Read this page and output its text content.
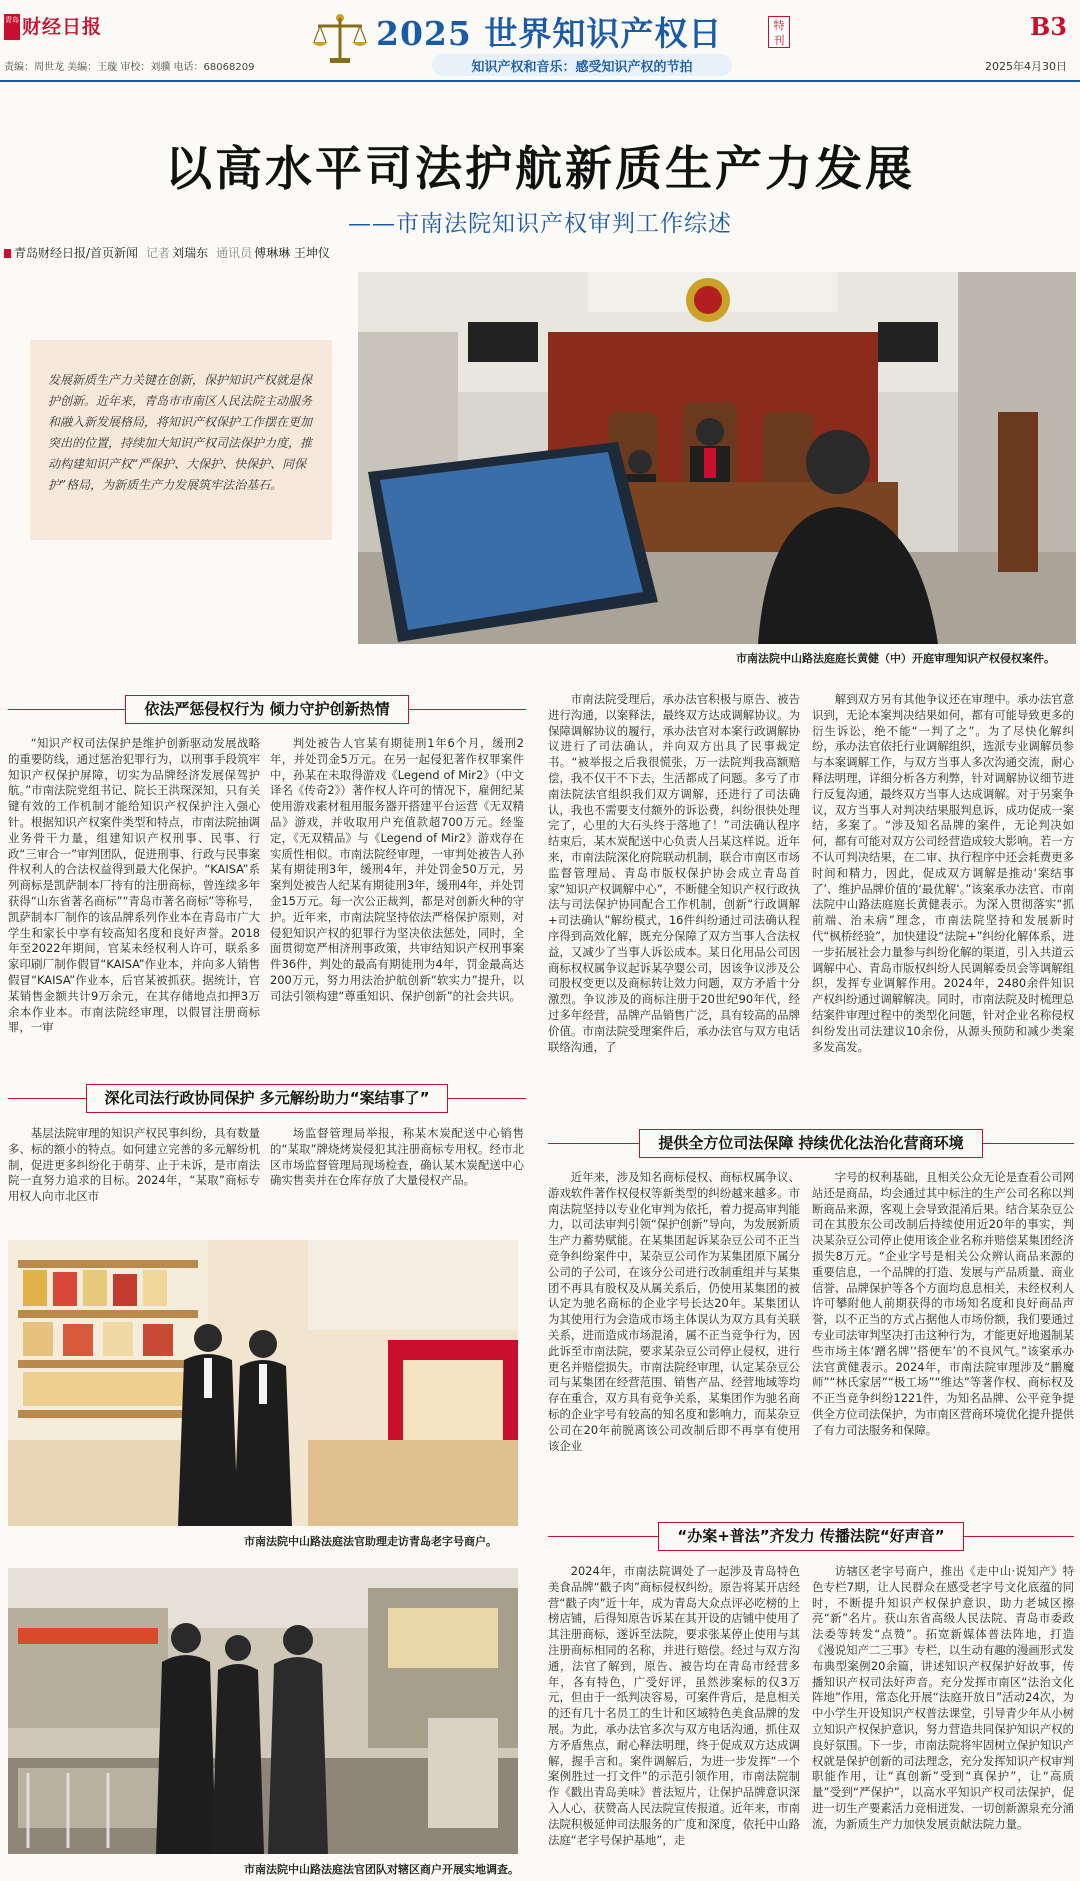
青岛 财经日报
责编：周世龙 美编：王璇 审校：刘骥 电话：68068209
2025 世界知识产权日	特刊
知识产权和音乐：感受知识产权的节拍
B3
2025年4月30日
以高水平司法护航新质生产力发展
——市南法院知识产权审判工作综述
青岛财经日报/首页新闻 记者 刘瑞东 通讯员 傅琳琳 王坤仪
发展新质生产力关键在创新，保护知识产权就是保护创新。近年来，青岛市市南区人民法院主动服务和融入新发展格局，将知识产权保护工作摆在更加突出的位置，持续加大知识产权司法保护力度，推动构建知识产权“严保护、大保护、快保护、同保护”格局，为新质生产力发展筑牢法治基石。
市南法院中山路法庭庭长黄健（中）开庭审理知识产权侵权案件。
依法严惩侵权行为 倾力守护创新热情

“知识产权司法保护是维护创新驱动发展战略的重要防线，通过惩治犯罪行为，以刑事手段筑牢知识产权保护屏障，切实为品牌经济发展保驾护航。”市南法院党组书记、院长王洪琛深知，只有关键有效的工作机制才能给知识产权保护注入强心针。根据知识产权案件类型和特点，市南法院抽调业务骨干力量，组建知识产权刑事、民事、行政“三审合一”审判团队，促进刑事、行政与民事案件权利人的合法权益得到最大化保护。“KAISA”系列商标是凯萨制本厂持有的注册商标，曾连续多年获得“山东省著名商标”“青岛市著名商标”等称号，凯萨制本厂制作的该品牌系列作业本在青岛市广大学生和家长中享有较高知名度和良好声誉。2018年至2022年期间，官某未经权利人许可，联系多家印刷厂制作假冒“KAISA”作业本，并向多人销售假冒“KAISA”作业本，后官某被抓获。据统计，官某销售金额共计9万余元，在其存储地点扣押3万余本作业本。市南法院经审理，以假冒注册商标罪，一审

判处被告人官某有期徒刑1年6个月，缓刑2年，并处罚金5万元。在另一起侵犯著作权罪案件中，孙某在未取得游戏《Legend of Mir2》（中文译名《传奇2》）著作权人许可的情况下，雇佣纪某使用游戏素材租用服务器开搭建平台运营《无双精品》游戏，并收取用户充值款超700万元。经鉴定，《无双精品》与《Legend of Mir2》游戏存在实质性相似。市南法院经审理，一审判处被告人孙某有期徒刑3年，缓刑4年，并处罚金50万元，另案判处被告人纪某有期徒刑3年，缓刑4年，并处罚金15万元。每一次公正裁判，都是对创新火种的守护。近年来，市南法院坚持依法严格保护原则，对侵犯知识产权的犯罪行为坚决依法惩处，同时，全面贯彻宽严相济刑事政策，共审结知识产权刑事案件36件，判处的最高有期徒刑为4年，罚金最高达200万元，努力用法治护航创新“软实力”提升，以司法引领构建“尊重知识、保护创新”的社会共识。

深化司法行政协同保护 多元解纷助力“案结事了”

基层法院审理的知识产权民事纠纷，具有数量多、标的额小的特点。如何建立完善的多元解纷机制，促进更多纠纷化于萌芽、止于未诉，是市南法院一直努力追求的目标。2024年，“某取”商标专用权人向市北区市

场监督管理局举报，称某木炭配送中心销售的“某取”牌烧烤炭侵犯其注册商标专用权。经市北区市场监督管理局现场检查，确认某木炭配送中心确实售卖并在仓库存放了大量侵权产品。

市南法院受理后，承办法官积极与原告、被告进行沟通，以案释法，最终双方达成调解协议。为保障调解协议的履行，承办法官对本案行政调解协议进行了司法确认，并向双方出具了民事裁定书。“被举报之后我很慌张，万一法院判我高额赔偿，我不仅干不下去，生活都成了问题。多亏了市南法院法官组织我们双方调解，还进行了司法确认，我也不需要支付额外的诉讼费，纠纷很快处理完了，心里的大石头终于落地了！”司法确认程序结束后，某木炭配送中心负责人吕某这样说。近年来，市南法院深化府院联动机制，联合市南区市场监督管理局、青岛市版权保护协会成立青岛首家“知识产权调解中心”，不断健全知识产权行政执法与司法保护协同配合工作机制，创新“行政调解+司法确认”解纷模式，16件纠纷通过司法确认程序得到高效化解，既充分保障了双方当事人合法权益，又减少了当事人诉讼成本。某日化用品公司因商标权权属争议起诉某孕婴公司，因该争议涉及公司股权变更以及商标转让效力问题，双方矛盾十分激烈。争议涉及的商标注册于20世纪90年代，经过多年经营，品牌产品销售广泛，具有较高的品牌价值。市南法院受理案件后，承办法官与双方电话联络沟通，了

解到双方另有其他争议还在审理中。承办法官意识到，无论本案判决结果如何，都有可能导致更多的衍生诉讼，绝不能“一判了之”。为了尽快化解纠纷，承办法官依托行业调解组织，选派专业调解员参与本案调解工作，与双方当事人多次沟通交流，耐心释法明理，详细分析各方利弊，针对调解协议细节进行反复沟通，最终双方当事人达成调解。对于另案争议，双方当事人对判决结果服判息诉，成功促成一案结，多案了。“涉及知名品牌的案件，无论判决如何，都有可能对双方公司经营造成较大影响。若一方不认可判决结果，在二审、执行程序中还会耗费更多时间和精力，因此，促成双方调解是推动‘案结事了’、维护品牌价值的‘最优解’。”该案承办法官、市南法院中山路法庭庭长黄健表示。为深入贯彻落实“抓前端、治未病”理念，市南法院坚持和发展新时代“枫桥经验”，加快建设“法院+”纠纷化解体系，进一步拓展社会力量参与纠纷化解的渠道，引入共道云调解中心、青岛市版权纠纷人民调解委员会等调解组织，发挥专业调解作用。2024年，2480余件知识产权纠纷通过调解解决。同时，市南法院及时梳理总结案件审理过程中的类型化问题，针对企业名称侵权纠纷发出司法建议10余份，从源头预防和减少类案多发高发。

市南法院中山路法庭法官助理走访青岛老字号商户。
市南法院中山路法庭法官团队对辖区商户开展实地调查。
提供全方位司法保障 持续优化法治化营商环境

近年来，涉及知名商标侵权、商标权属争议、游戏软件著作权侵权等新类型的纠纷越来越多。市南法院坚持以专业化审判为依托，着力提高审判能力，以司法审判引领“保护创新”导向，为发展新质生产力蓄势赋能。在某集团起诉某杂豆公司不正当竞争纠纷案件中，某杂豆公司作为某集团原下属分公司的子公司，在该分公司进行改制重组并与某集团不再具有股权及从属关系后，仍使用某集团的被认定为驰名商标的企业字号长达20年。某集团认为其使用行为会造成市场主体误认为双方具有关联关系，进而造成市场混淆，属不正当竞争行为，因此诉至市南法院，要求某杂豆公司停止侵权，进行更名并赔偿损失。市南法院经审理，认定某杂豆公司与某集团在经营范围、销售产品、经营地域等均存在重合，双方具有竞争关系，某集团作为驰名商标的企业字号有较高的知名度和影响力，而某杂豆公司在20年前脱离该公司改制后即不再享有使用该企业

字号的权利基础，且相关公众无论是查看公司网站还是商品，均会通过其中标注的生产公司名称以判断商品来源，客观上会导致混淆后果。结合某杂豆公司在其股东公司改制后持续使用近20年的事实，判决某杂豆公司停止使用该企业名称并赔偿某集团经济损失8万元。“企业字号是相关公众辨认商品来源的重要信息，一个品牌的打造、发展与产品质量、商业信誉、品牌保护等各个方面均息息相关，未经权利人许可攀附他人前期获得的市场知名度和良好商品声誉，以不正当的方式占据他人市场份额，我们要通过专业司法审判坚决打击这种行为，才能更好地遏制某些市场主体‘蹭名牌’‘搭便车’的不良风气。”该案承办法官黄健表示。2024年，市南法院审理涉及“鹏魔师”“林氏家居”“极工场”“维达”等著作权、商标权及不正当竞争纠纷1221件，为知名品牌、公平竞争提供全方位司法保护，为市南区营商环境优化提升提供了有力司法服务和保障。

“办案+普法”齐发力 传播法院“好声音”

2024年，市南法院调处了一起涉及青岛特色美食品牌“戳子肉”商标侵权纠纷。原告将某开店经营“戳子肉”近十年，成为青岛大众点评必吃榜的上榜店铺，后得知原告诉某在其开设的店铺中使用了其注册商标，遂诉至法院，要求张某停止使用与其注册商标相同的名称，并进行赔偿。经过与双方沟通，法官了解到，原告、被告均在青岛市经营多年，各有特色，广受好评，虽然涉案标的仅3万元，但由于一纸判决容易，可案件背后，是息相关的还有几十名员工的生计和区域特色美食品牌的发展。为此，承办法官多次与双方电话沟通，抓住双方矛盾焦点，耐心释法明理，终于促成双方达成调解，握手言和。案件调解后，为进一步发挥“一个案例胜过一打文件”的示范引领作用，市南法院制作《戳出青岛美味》普法短片，让保护品牌意识深入人心，获赞高人民法院宣传报道。近年来，市南法院积极延伸司法服务的广度和深度，依托中山路法庭“老字号保护基地”，走

访辖区老字号商户，推出《走中山·说知产》特色专栏7期，让人民群众在感受老字号文化底蕴的同时，不断提升知识产权保护意识，助力老城区擦亮“新”名片。获山东省高级人民法院、青岛市委政法委等转发“点赞”。拓宽新媒体普法阵地，打造《漫说知产二三事》专栏，以生动有趣的漫画形式发布典型案例20余篇，讲述知识产权保护好故事，传播知识产权司法好声音。充分发挥市南区“法治文化阵地”作用，常态化开展“法庭开放日”活动24次，为中小学生开设知识产权普法课堂，引导青少年从小树立知识产权保护意识，努力营造共同保护知识产权的良好氛围。下一步，市南法院将牢固树立保护知识产权就是保护创新的司法理念，充分发挥知识产权审判职能作用，让“真创新”受到“真保护”，让“高质量”受到“严保护”，以高水平知识产权司法保护，促进一切生产要素活力竞相迸发、一切创新源泉充分涌流，为新质生产力加快发展贡献法院力量。
